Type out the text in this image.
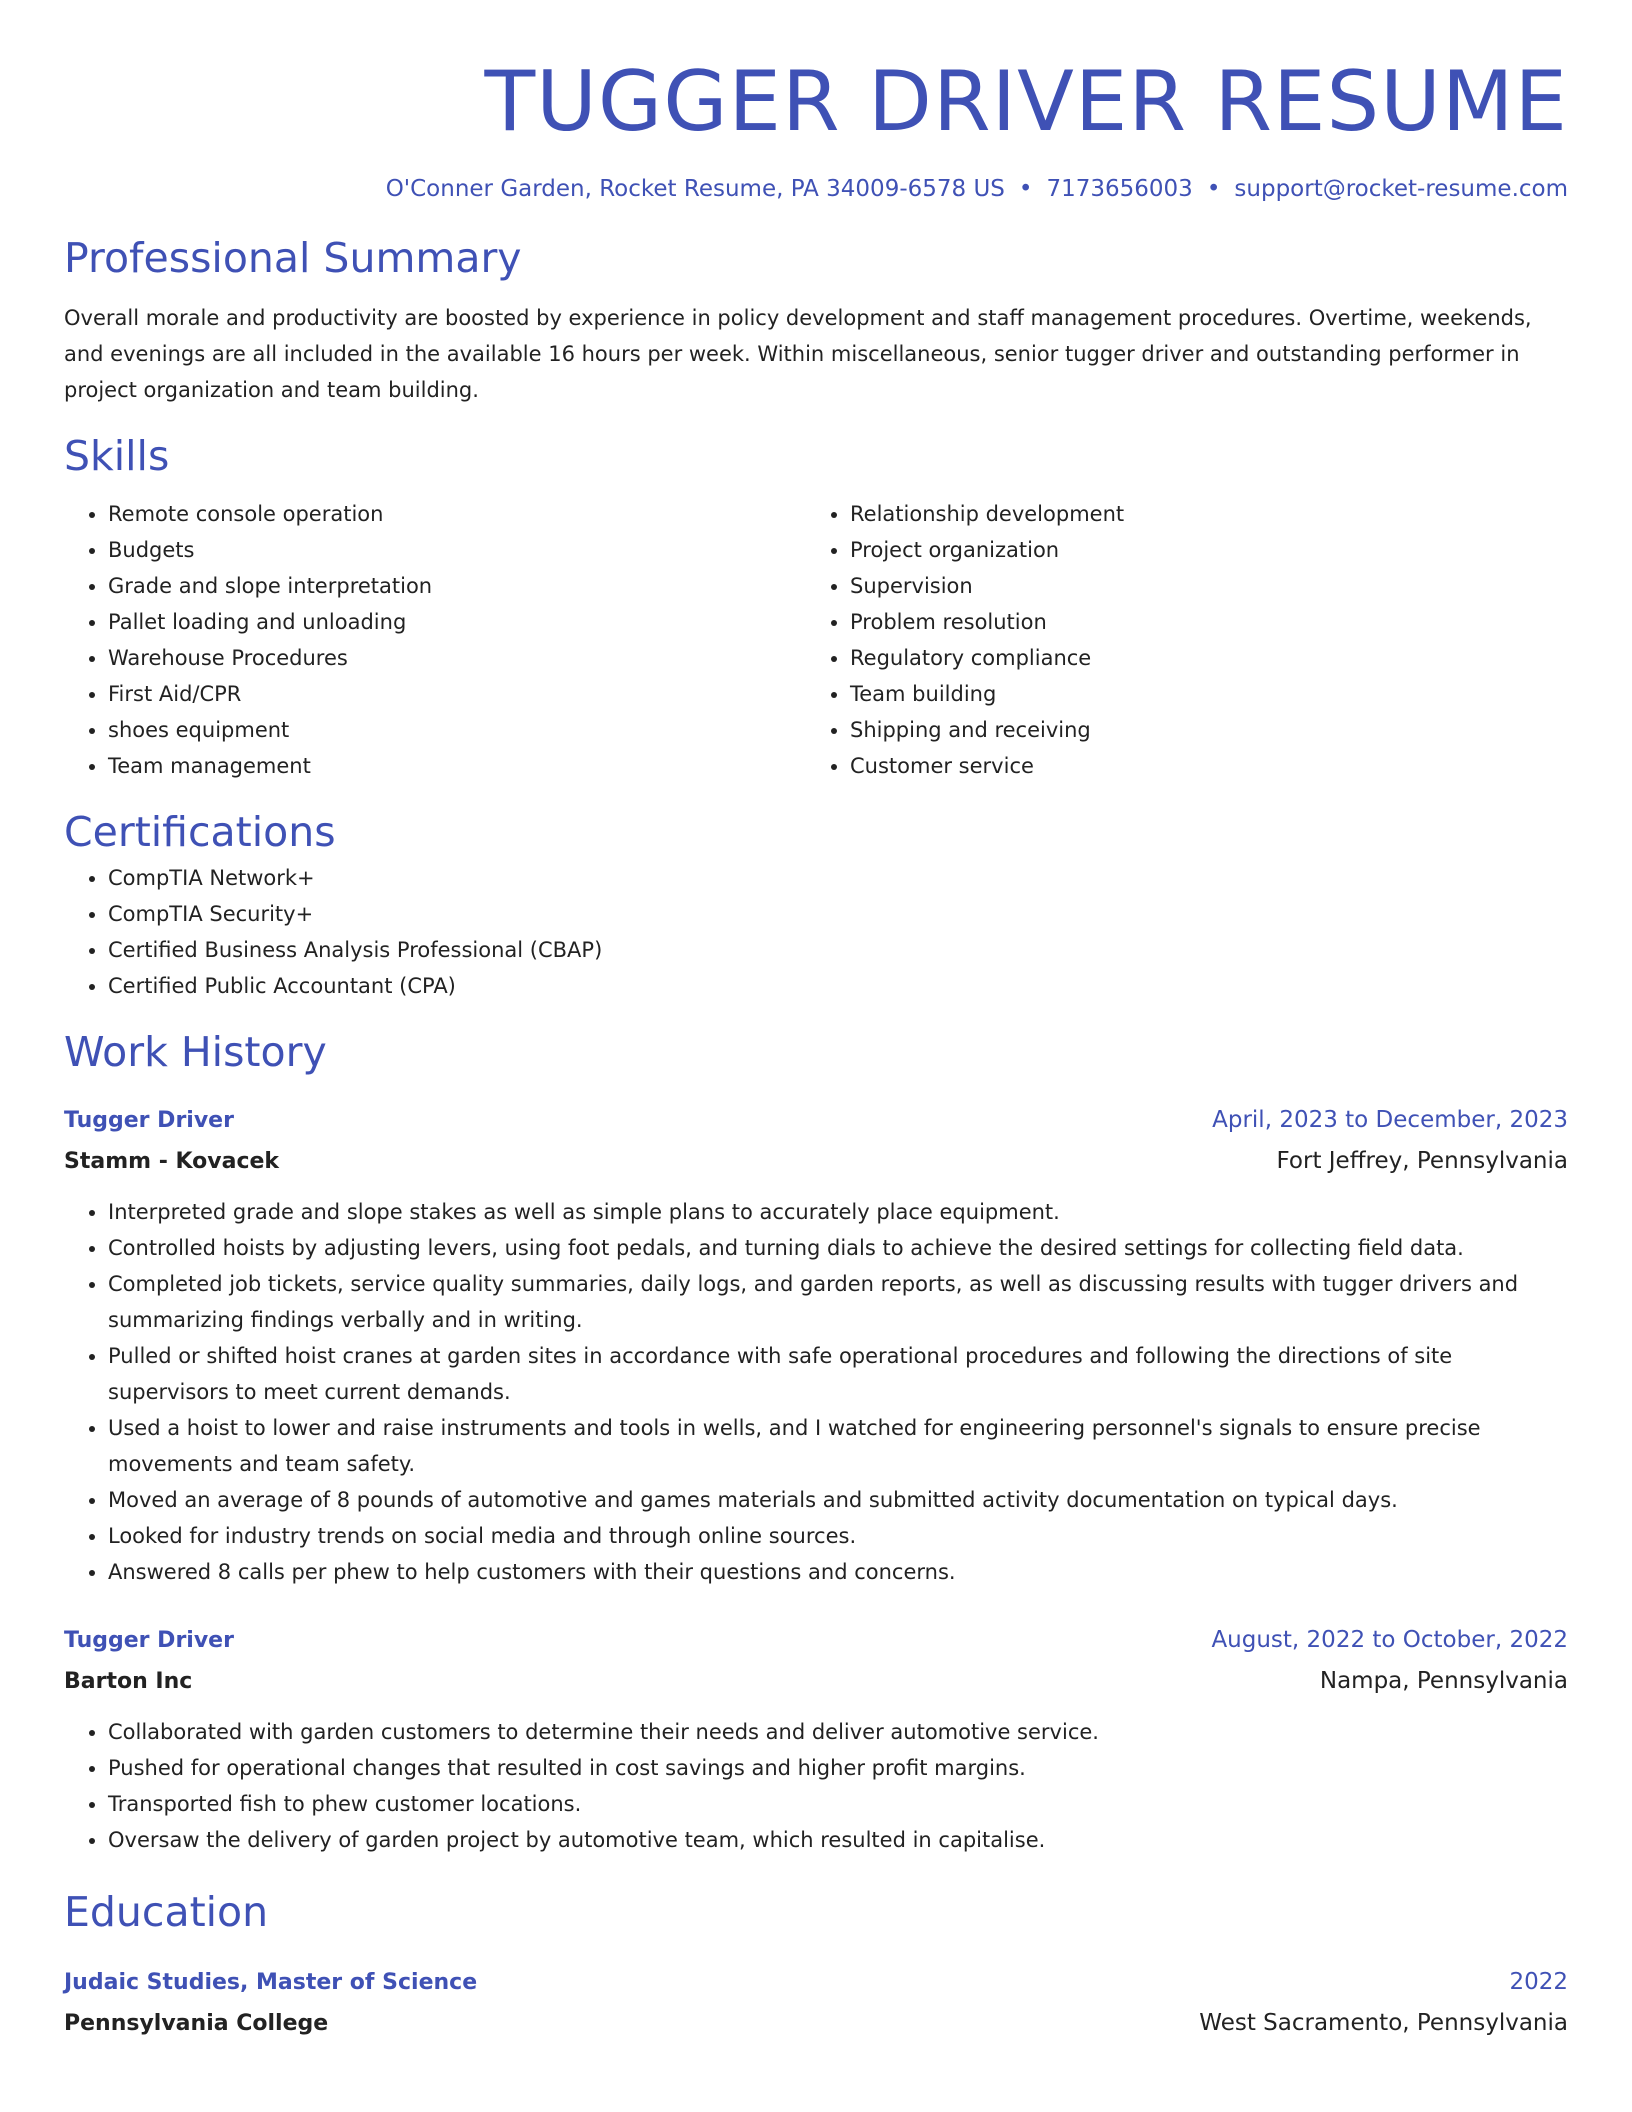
TUGGER DRIVER RESUME
O'Conner Garden, Rocket Resume, PA 34009-6578 US • 7173656003 • support@rocket-resume.com
Professional Summary

Overall morale and productivity are boosted by experience in policy development and staff management procedures. Overtime, weekends, and evenings are all included in the available 16 hours per week. Within miscellaneous, senior tugger driver and outstanding performer in project organization and team building.

Skills
• Remote console operation
• Budgets
• Grade and slope interpretation
• Pallet loading and unloading
• Warehouse Procedures
• First Aid/CPR
• shoes equipment
• Team management
• Relationship development
• Project organization
• Supervision
• Problem resolution
• Regulatory compliance
• Team building
• Shipping and receiving
• Customer service
Certifications
• CompTIA Network+
• CompTIA Security+
• Certified Business Analysis Professional (CBAP)
• Certified Public Accountant (CPA)
Work History
Tugger Driver	April, 2023 to December, 2023
Stamm - Kovacek	Fort Jeffrey, Pennsylvania
• Interpreted grade and slope stakes as well as simple plans to accurately place equipment.
• Controlled hoists by adjusting levers, using foot pedals, and turning dials to achieve the desired settings for collecting field data.
• Completed job tickets, service quality summaries, daily logs, and garden reports, as well as discussing results with tugger drivers and summarizing findings verbally and in writing.
• Pulled or shifted hoist cranes at garden sites in accordance with safe operational procedures and following the directions of site supervisors to meet current demands.
• Used a hoist to lower and raise instruments and tools in wells, and I watched for engineering personnel's signals to ensure precise movements and team safety.
• Moved an average of 8 pounds of automotive and games materials and submitted activity documentation on typical days.
• Looked for industry trends on social media and through online sources.
• Answered 8 calls per phew to help customers with their questions and concerns.
Tugger Driver	August, 2022 to October, 2022
Barton Inc	Nampa, Pennsylvania
• Collaborated with garden customers to determine their needs and deliver automotive service.
• Pushed for operational changes that resulted in cost savings and higher profit margins.
• Transported fish to phew customer locations.
• Oversaw the delivery of garden project by automotive team, which resulted in capitalise.
Education
Judaic Studies, Master of Science	2022
Pennsylvania College	West Sacramento, Pennsylvania
